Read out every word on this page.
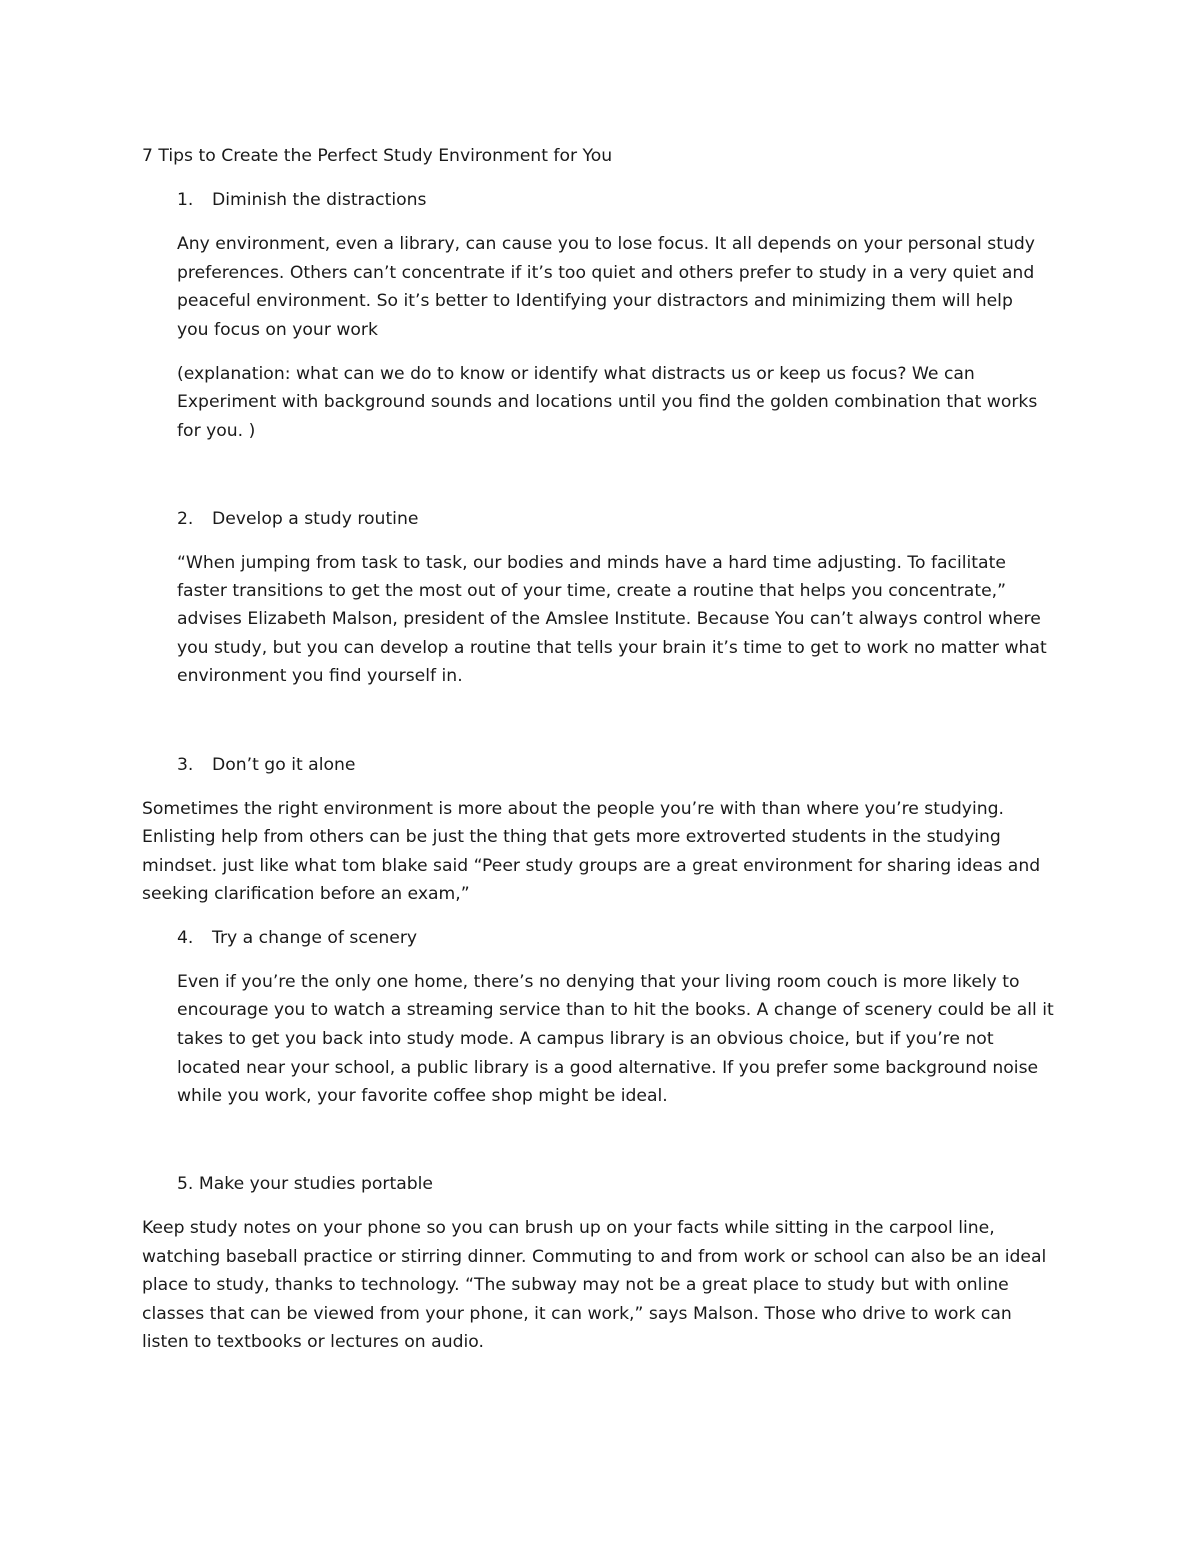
7 Tips to Create the Perfect Study Environment for You
1. Diminish the distractions
Any environment, even a library, can cause you to lose focus. It all depends on your personal study
preferences. Others can’t concentrate if it’s too quiet and others prefer to study in a very quiet and
peaceful environment. So it’s better to Identifying your distractors and minimizing them will help
you focus on your work
(explanation: what can we do to know or identify what distracts us or keep us focus? We can
Experiment with background sounds and locations until you find the golden combination that works
for you. )
2. Develop a study routine
“When jumping from task to task, our bodies and minds have a hard time adjusting. To facilitate
faster transitions to get the most out of your time, create a routine that helps you concentrate,”
advises Elizabeth Malson, president of the Amslee Institute. Because You can’t always control where
you study, but you can develop a routine that tells your brain it’s time to get to work no matter what
environment you find yourself in.
3. Don’t go it alone
Sometimes the right environment is more about the people you’re with than where you’re studying.
Enlisting help from others can be just the thing that gets more extroverted students in the studying
mindset. just like what tom blake said “Peer study groups are a great environment for sharing ideas and
seeking clarification before an exam,”
4. Try a change of scenery
Even if you’re the only one home, there’s no denying that your living room couch is more likely to
encourage you to watch a streaming service than to hit the books. A change of scenery could be all it
takes to get you back into study mode. A campus library is an obvious choice, but if you’re not
located near your school, a public library is a good alternative. If you prefer some background noise
while you work, your favorite coffee shop might be ideal.
5. Make your studies portable
Keep study notes on your phone so you can brush up on your facts while sitting in the carpool line,
watching baseball practice or stirring dinner. Commuting to and from work or school can also be an ideal
place to study, thanks to technology. “The subway may not be a great place to study but with online
classes that can be viewed from your phone, it can work,” says Malson. Those who drive to work can
listen to textbooks or lectures on audio.
